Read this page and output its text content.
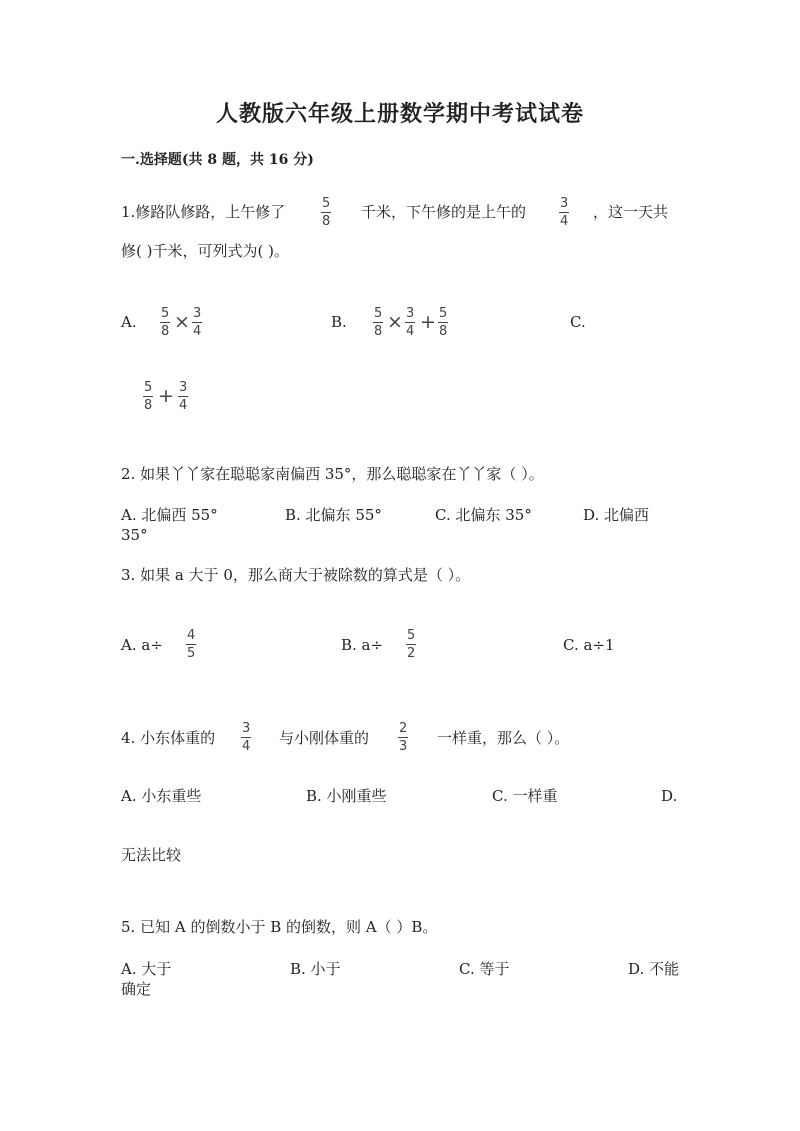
人教版六年级上册数学期中考试试卷
一.选择题(共 8 题，共 16 分)
1.修路队修路，上午修了	5
8
千米，下午修的是上午的	3
4
，这一天共
修( )千米，可列式为( )。
A. 5
8 × 3
4
B. 5
8 × 3
4 + 5
8
C.
5
8 + 3
4
2. 如果丫丫家在聪聪家南偏西 35°，那么聪聪家在丫丫家（ ）。
A. 北偏西 55°	B. 北偏东 55°	C. 北偏东 35°	D. 北偏西
35°
3. 如果 a 大于 0，那么商大于被除数的算式是（ ）。
A. a÷
4
5	B. a÷
5
2	C. a÷1
4. 小东体重的
3
4 与小刚体重的
2
3 一样重，那么（ ）。
A. 小东重些	B. 小刚重些	C. 一样重	D.
无法比较
5. 已知 A 的倒数小于 B 的倒数，则 A（ ）B。
A. 大于	B. 小于	C. 等于	D. 不能
确定
